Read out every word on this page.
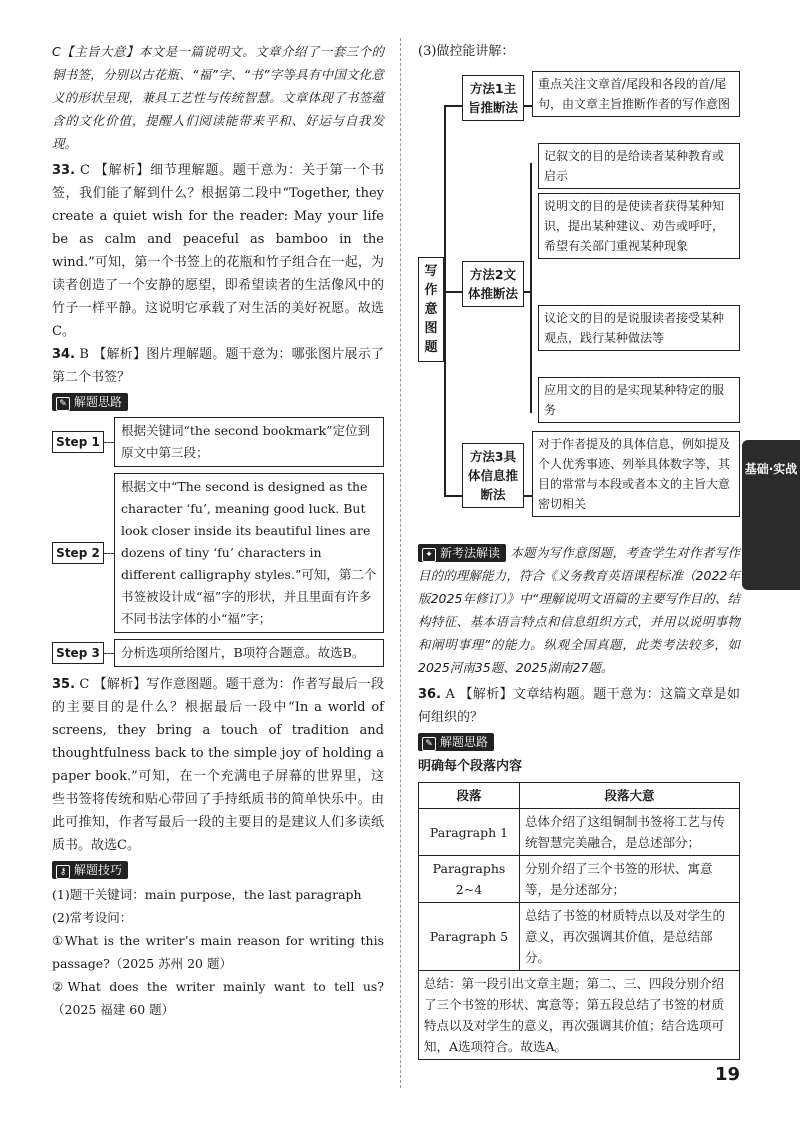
C【主旨大意】本文是一篇说明文。文章介绍了一套三个的铜书签，分别以古花瓶、“福”字、“书”字等具有中国文化意义的形状呈现，兼具工艺性与传统智慧。文章体现了书签蕴含的文化价值，提醒人们阅读能带来平和、好运与自我发现。

33. C 【解析】细节理解题。题干意为：关于第一个书签，我们能了解到什么？根据第二段中“Together, they create a quiet wish for the reader: May your life be as calm and peaceful as bamboo in the wind.”可知，第一个书签上的花瓶和竹子组合在一起，为读者创造了一个安静的愿望，即希望读者的生活像风中的竹子一样平静。这说明它承载了对生活的美好祝愿。故选C。

34. B 【解析】图片理解题。题干意为：哪张图片展示了第二个书签？

✎ 解题思路
Step 1
根据关键词“the second bookmark”定位到原文中第三段；
Step 2
根据文中“The second is designed as the character ‘fu’, meaning good luck. But look closer inside its beautiful lines are dozens of tiny ‘fu’ characters in different calligraphy styles.”可知，第二个书签被设计成“福”字的形状，并且里面有许多不同书法字体的小“福”字；
Step 3	分析选项所给图片，B项符合题意。故选B。

35. C 【解析】写作意图题。题干意为：作者写最后一段的主要目的是什么？根据最后一段中“In a world of screens, they bring a touch of tradition and thoughtfulness back to the simple joy of holding a paper book.”可知，在一个充满电子屏幕的世界里，这些书签将传统和贴心带回了手持纸质书的简单快乐中。由此可推知，作者写最后一段的主要目的是建议人们多读纸质书。故选C。

⚷ 解题技巧

(1)题干关键词：main purpose，the last paragraph

(2)常考设问：

①What is the writer’s main reason for writing this passage?（2025 苏州 20 题）

②What does the writer mainly want to tell us?（2025 福建 60 题）

(3)做控能讲解：

写作意图题
方法1主旨推断法
重点关注文章首/尾段和各段的首/尾句，由文章主旨推断作者的写作意图
方法2文体推断法
记叙文的目的是给读者某种教育或启示
说明文的目的是使读者获得某种知识，提出某种建议、劝告或呼吁，希望有关部门重视某种现象
议论文的目的是说服读者接受某种观点，践行某种做法等
应用文的目的是实现某种特定的服务
方法3具体信息推断法
对于作者提及的具体信息，例如提及个人优秀事迹、列举具体数字等，其目的常常与本段或者本文的主旨大意密切相关

✦ 新考法解读 本题为写作意图题，考查学生对作者写作目的的理解能力，符合《义务教育英语课程标准（2022年版2025年修订）》中“理解说明文语篇的主要写作目的、结构特征、基本语言特点和信息组织方式，并用以说明事物和阐明事理”的能力。纵观全国真题，此类考法较多，如2025河南35题、2025湖南27题。

36. A 【解析】文章结构题。题干意为：这篇文章是如何组织的？

✎ 解题思路

明确每个段落内容

段落	段落大意
Paragraph 1	总体介绍了这组铜制书签将工艺与传统智慧完美融合，是总述部分；
Paragraphs 2~4	分别介绍了三个书签的形状、寓意等，是分述部分；
Paragraph 5	总结了书签的材质特点以及对学生的意义，再次强调其价值，是总结部分。
总结：第一段引出文章主题；第二、三、四段分别介绍了三个书签的形状、寓意等；第五段总结了书签的材质特点以及对学生的意义，再次强调其价值；结合选项可知，A选项符合。故选A。	
基础·实战
19
